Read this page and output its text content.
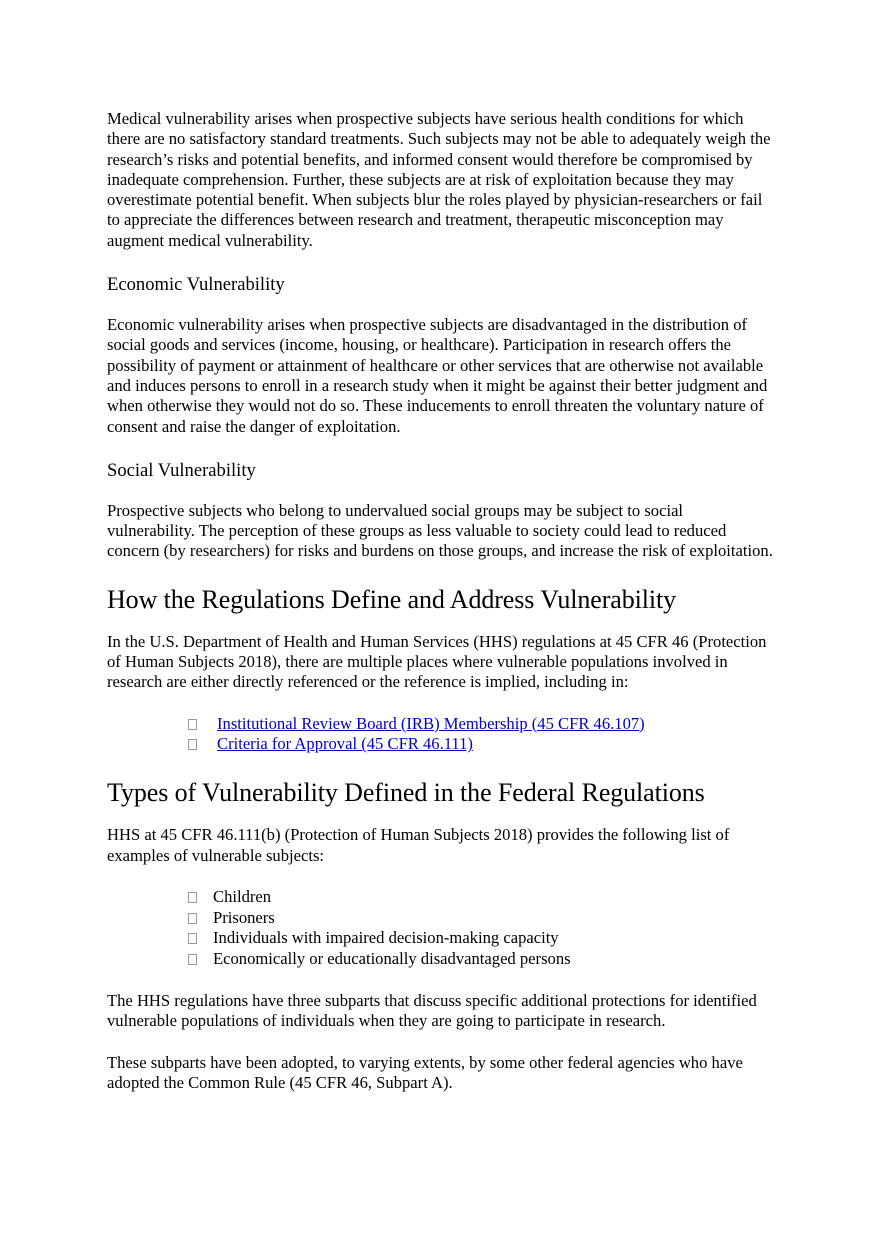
Medical vulnerability arises when prospective subjects have serious health conditions for which there are no satisfactory standard treatments. Such subjects may not be able to adequately weigh the research’s risks and potential benefits, and informed consent would therefore be compromised by inadequate comprehension. Further, these subjects are at risk of exploitation because they may overestimate potential benefit. When subjects blur the roles played by physician-researchers or fail to appreciate the differences between research and treatment, therapeutic misconception may augment medical vulnerability.

Economic Vulnerability

Economic vulnerability arises when prospective subjects are disadvantaged in the distribution of social goods and services (income, housing, or healthcare). Participation in research offers the possibility of payment or attainment of healthcare or other services that are otherwise not available and induces persons to enroll in a research study when it might be against their better judgment and when otherwise they would not do so. These inducements to enroll threaten the voluntary nature of consent and raise the danger of exploitation.

Social Vulnerability

Prospective subjects who belong to undervalued social groups may be subject to social vulnerability. The perception of these groups as less valuable to society could lead to reduced concern (by researchers) for risks and burdens on those groups, and increase the risk of exploitation.

How the Regulations Define and Address Vulnerability

In the U.S. Department of Health and Human Services (HHS) regulations at 45 CFR 46 (Protection of Human Subjects 2018), there are multiple places where vulnerable populations involved in research are either directly referenced or the reference is implied, including in:

Institutional Review Board (IRB) Membership (45 CFR 46.107)
Criteria for Approval (45 CFR 46.111)
Types of Vulnerability Defined in the Federal Regulations

HHS at 45 CFR 46.111(b) (Protection of Human Subjects 2018) provides the following list of examples of vulnerable subjects:

Children
Prisoners
Individuals with impaired decision-making capacity
Economically or educationally disadvantaged persons

The HHS regulations have three subparts that discuss specific additional protections for identified vulnerable populations of individuals when they are going to participate in research.

These subparts have been adopted, to varying extents, by some other federal agencies who have adopted the Common Rule (45 CFR 46, Subpart A).
